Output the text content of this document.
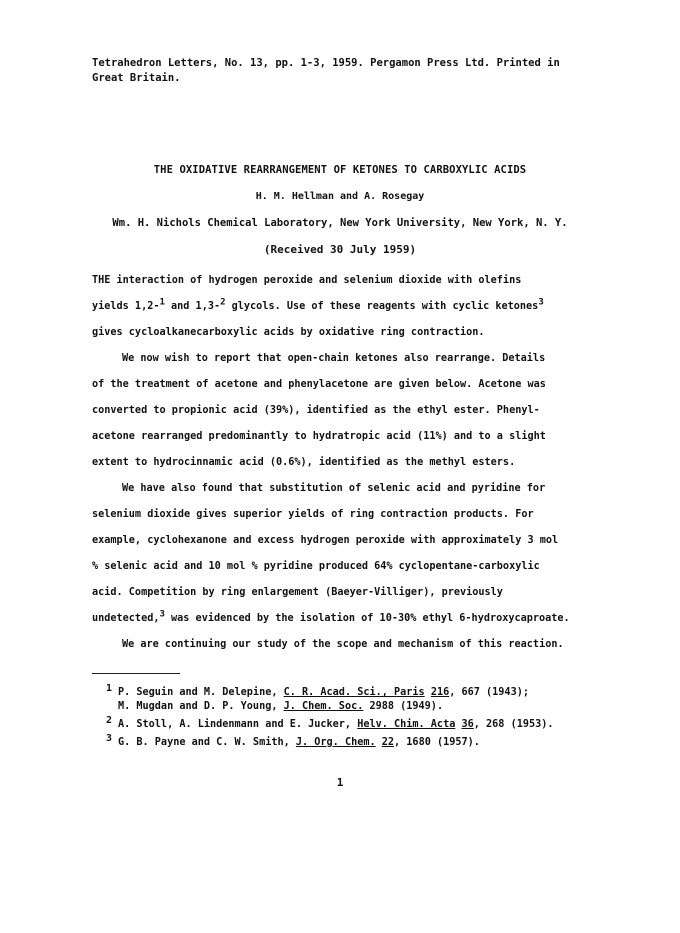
Tetrahedron Letters, No. 13, pp. 1-3, 1959. Pergamon Press Ltd. Printed in
Great Britain.
THE OXIDATIVE REARRANGEMENT OF KETONES TO CARBOXYLIC ACIDS
H. M. Hellman and A. Rosegay
Wm. H. Nichols Chemical Laboratory, New York University, New York, N. Y.
(Received 30 July 1959)
THE interaction of hydrogen peroxide and selenium dioxide with olefins
yields 1,2-$^1$ and 1,3-$^2$ glycols. Use of these reagents with cyclic ketones$^3$
gives cycloalkanecarboxylic acids by oxidative ring contraction.
We now wish to report that open-chain ketones also rearrange. Details
of the treatment of acetone and phenylacetone are given below. Acetone was
converted to propionic acid (39%), identified as the ethyl ester. Phenyl-
acetone rearranged predominantly to hydratropic acid (11%) and to a slight
extent to hydrocinnamic acid (0.6%), identified as the methyl esters.
We have also found that substitution of selenic acid and pyridine for
selenium dioxide gives superior yields of ring contraction products. For
example, cyclohexanone and excess hydrogen peroxide with approximately 3 mol
% selenic acid and 10 mol % pyridine produced 64% cyclopentane-carboxylic
acid. Competition by ring enlargement (Baeyer-Villiger), previously
undetected,$^3$ was evidenced by the isolation of 10-30% ethyl 6-hydroxycaproate.
We are continuing our study of the scope and mechanism of this reaction.
1 P. Seguin and M. Delepine, C. R. Acad. Sci., Paris 216, 667 (1943);
M. Mugdan and D. P. Young, J. Chem. Soc. 2988 (1949).
2 A. Stoll, A. Lindenmann and E. Jucker, Helv. Chim. Acta 36, 268 (1953).
3 G. B. Payne and C. W. Smith, J. Org. Chem. 22, 1680 (1957).
1
